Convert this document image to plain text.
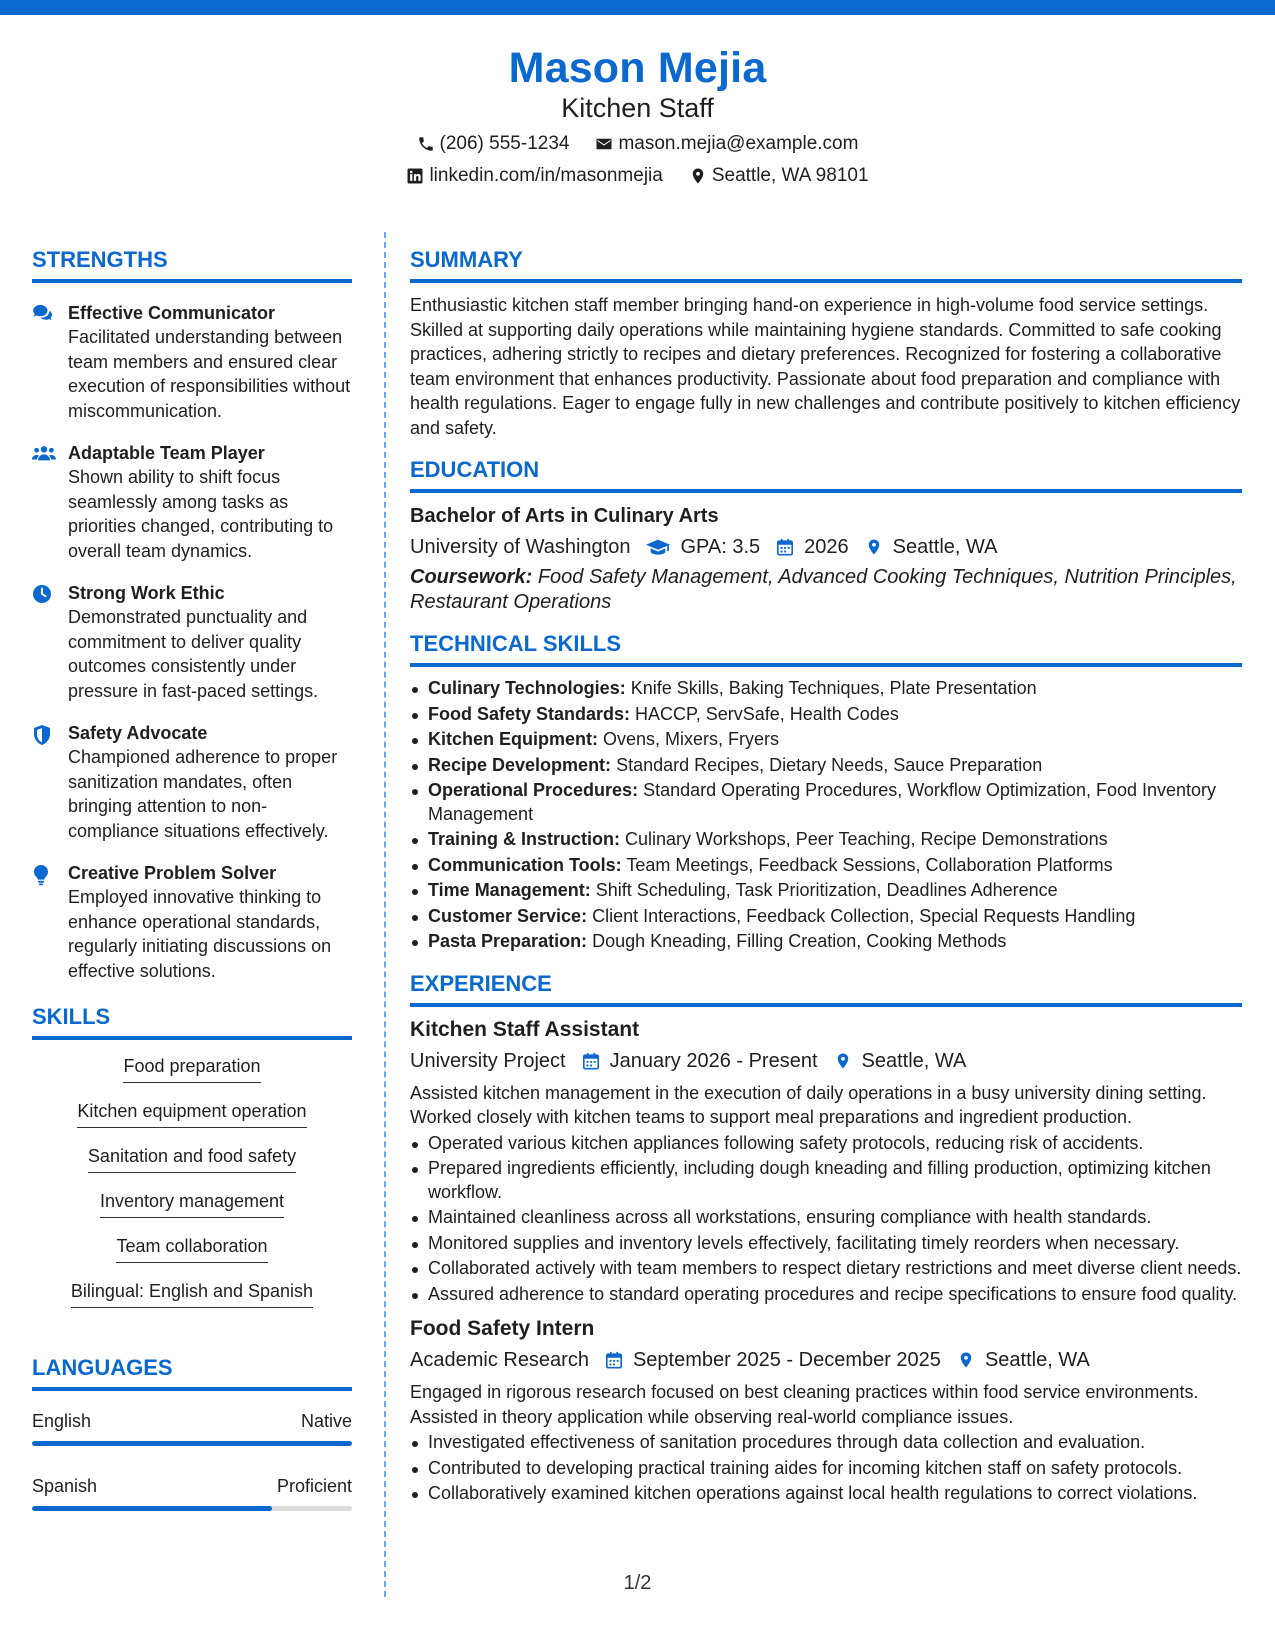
Mason Mejia
Kitchen Staff
(206) 555-1234	mason.mejia@example.com
linkedin.com/in/masonmejia	Seattle, WA 98101
STRENGTHS
Effective Communicator
Facilitated understanding between team members and ensured clear execution of responsibilities without miscommunication.
Adaptable Team Player
Shown ability to shift focus seamlessly among tasks as priorities changed, contributing to overall team dynamics.
Strong Work Ethic
Demonstrated punctuality and commitment to deliver quality outcomes consistently under pressure in fast-paced settings.
Safety Advocate
Championed adherence to proper sanitization mandates, often bringing attention to non-compliance situations effectively.
Creative Problem Solver
Employed innovative thinking to enhance operational standards, regularly initiating discussions on effective solutions.
SKILLS
Food preparation
Kitchen equipment operation
Sanitation and food safety
Inventory management
Team collaboration
Bilingual: English and Spanish
LANGUAGES
English	Native
Spanish	Proficient
SUMMARY
Enthusiastic kitchen staff member bringing hand-on experience in high-volume food service settings. Skilled at supporting daily operations while maintaining hygiene standards. Committed to safe cooking practices, adhering strictly to recipes and dietary preferences. Recognized for fostering a collaborative team environment that enhances productivity. Passionate about food preparation and compliance with health regulations. Eager to engage fully in new challenges and contribute positively to kitchen efficiency and safety.
EDUCATION
Bachelor of Arts in Culinary Arts
University of Washington	GPA: 3.5 2026 Seattle, WA
Coursework: Food Safety Management, Advanced Cooking Techniques, Nutrition Principles, Restaurant Operations
TECHNICAL SKILLS
Culinary Technologies: Knife Skills, Baking Techniques, Plate Presentation
Food Safety Standards: HACCP, ServSafe, Health Codes
Kitchen Equipment: Ovens, Mixers, Fryers
Recipe Development: Standard Recipes, Dietary Needs, Sauce Preparation
Operational Procedures: Standard Operating Procedures, Workflow Optimization, Food Inventory Management
Training & Instruction: Culinary Workshops, Peer Teaching, Recipe Demonstrations
Communication Tools: Team Meetings, Feedback Sessions, Collaboration Platforms
Time Management: Shift Scheduling, Task Prioritization, Deadlines Adherence
Customer Service: Client Interactions, Feedback Collection, Special Requests Handling
Pasta Preparation: Dough Kneading, Filling Creation, Cooking Methods
EXPERIENCE
Kitchen Staff Assistant
University Project January 2026 - Present Seattle, WA
Assisted kitchen management in the execution of daily operations in a busy university dining setting. Worked closely with kitchen teams to support meal preparations and ingredient production.
Operated various kitchen appliances following safety protocols, reducing risk of accidents.
Prepared ingredients efficiently, including dough kneading and filling production, optimizing kitchen workflow.
Maintained cleanliness across all workstations, ensuring compliance with health standards.
Monitored supplies and inventory levels effectively, facilitating timely reorders when necessary.
Collaborated actively with team members to respect dietary restrictions and meet diverse client needs.
Assured adherence to standard operating procedures and recipe specifications to ensure food quality.
Food Safety Intern
Academic Research September 2025 - December 2025 Seattle, WA
Engaged in rigorous research focused on best cleaning practices within food service environments. Assisted in theory application while observing real-world compliance issues.
Investigated effectiveness of sanitation procedures through data collection and evaluation.
Contributed to developing practical training aides for incoming kitchen staff on safety protocols.
Collaboratively examined kitchen operations against local health regulations to correct violations.
1/2
